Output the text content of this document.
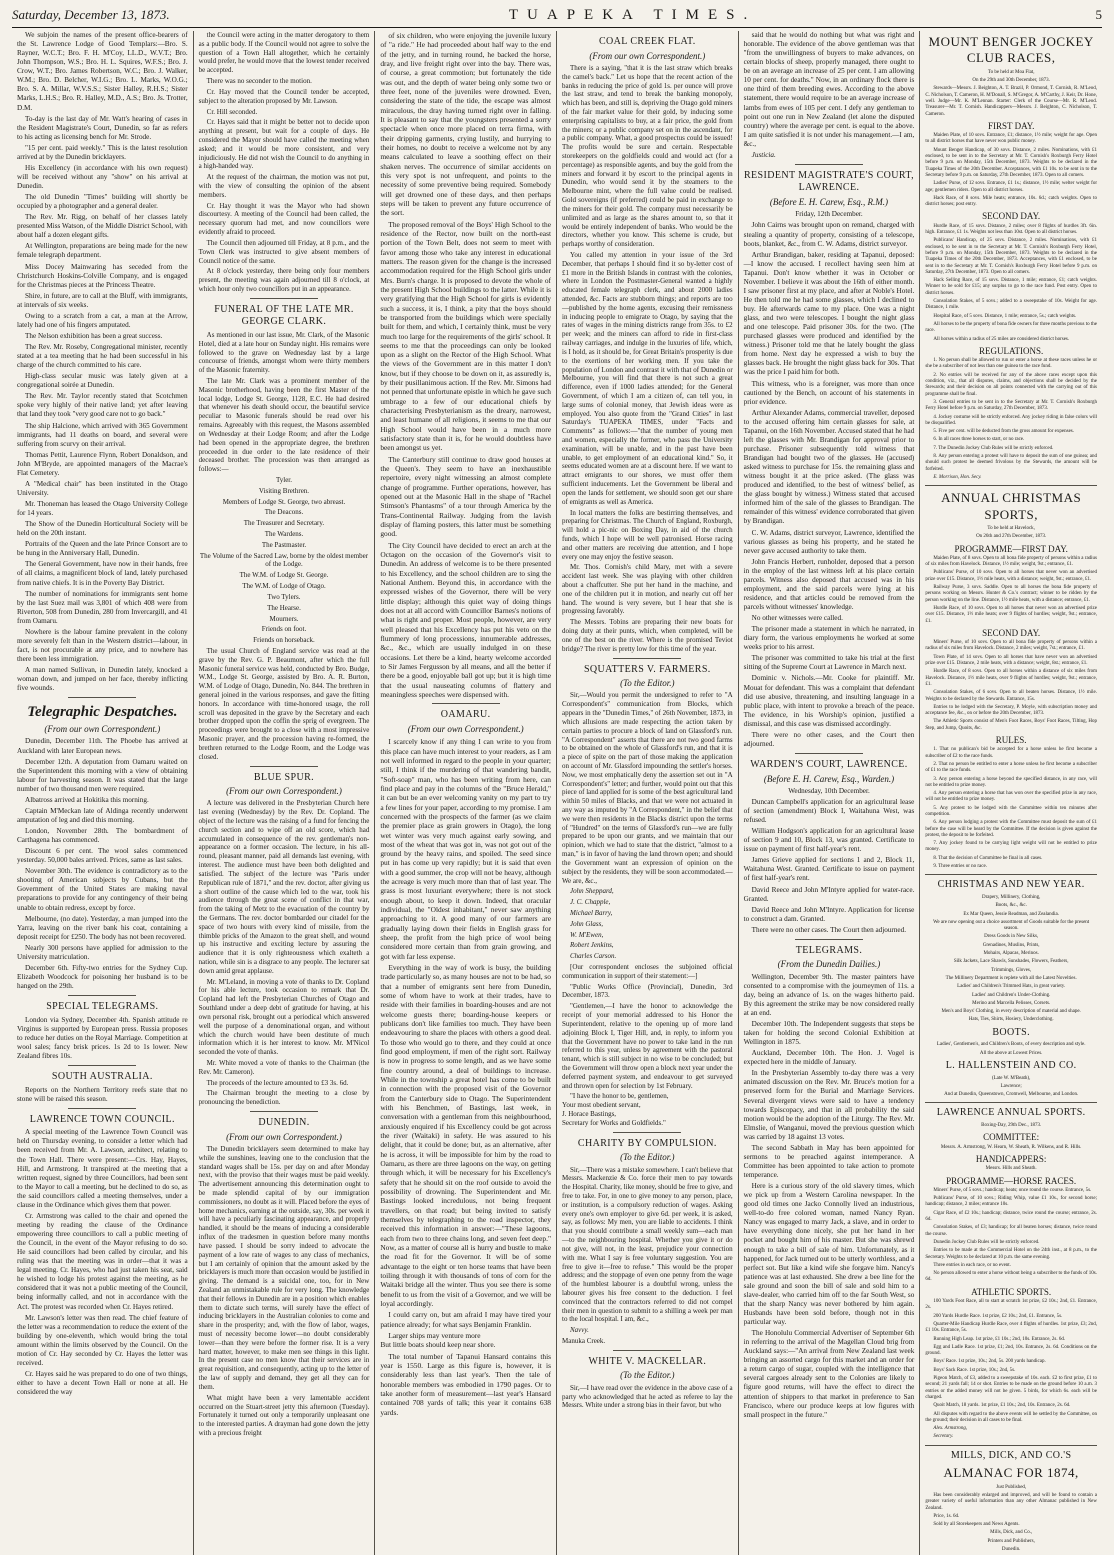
Saturday, December 13, 1873.	TUAPEKA TIMES.	5

We subjoin the names of the present office-bearers of the St. Lawrence Lodge of Good Templars:—Bro. S. Rayner, W.C.T.; Bro. F. H. M'Coy, LL.D., W.V.T.; Bro. John Thompson, W.S.; Bro. H. L. Squires, W.F.S.; Bro. J. Crow, W.T.; Bro. James Robertson, W.C.; Bro. J. Walker, W.M.; Bro. D. Belcher, W.I.G.; Bro. L. Marks, W.O.G.; Bro. S. A. Millar, W.V.S.S.; Sister Halley, R.H.S.; Sister Marks, L.H.S.; Bro. R. Halley, M.D., A.S.; Bro. Js. Trotter, D.M.

To-day is the last day of Mr. Watt's hearing of cases in the Resident Magistrate's Court, Dunedin, so far as refers to his acting as licensing bench for Mr. Strode.

"15 per cent. paid weekly." This is the latest resolution arrived at by the Dunedin bricklayers.

His Excellency (in accordance with his own request) will be received without any "show" on his arrival at Dunedin.

The old Dunedin "Times" building will shortly be occupied by a photographer and a general dealer.

The Rev. Mr. Rigg, on behalf of her classes lately presented Miss Watson, of the Middle District School, with about half a dozen elegant gifts.

At Wellington, preparations are being made for the new female telegraph department.

Miss Docey Mainwaring has seceded from the Christchurch Hoskins-Colville Company, and is engaged for the Christmas pieces at the Princess Theatre.

Shire, in future, are to call at the Bluff, with immigrants, at intervals of six weeks.

Owing to a scratch from a cat, a man at the Arrow, lately had one of his fingers amputated.

The Nelson exhibition has been a great success.

The Rev. Mr. Roseby, Congregational minister, recently stated at a tea meeting that he had been successful in his charge of the church committed to his care.

High-class secular music was lately given at a congregational soirée at Dunedin.

The Rev. Mr. Taylor recently stated that Scotchmen spoke very highly of their native land; yet after leaving that land they took "very good care not to go back."

The ship Halcione, which arrived with 365 Government immigrants, had 11 deaths on board, and several were suffering from scurvy on their arrival.

Thomas Pettit, Laurence Flynn, Robert Donaldson, and John M'Bryde, are appointed managers of the Macrae's Flat Cemetery.

A "Medical chair" has been instituted in the Otago University.

Mr. Thoneman has leased the Otago University College for 14 years.

The Show of the Dunedin Horticultural Society will be held on the 20th instant.

Portraits of the Queen and the late Prince Consort are to be hung in the Anniversary Hall, Dunedin.

The General Government, have now in their hands, free of all claims, a magnificent block of land, lately purchased from native chiefs. It is in the Poverty Bay District.

The number of nominations for immigrants sent home by the last Suez mail was 3,801 of which 408 were from Riverton, 508 from Dunedin, 280 from Invercargill, and 41 from Oamaru.

Nowhere is the labour famine prevalent in the colony more severely felt than in the Western district—labour, in fact, is not procurable at any price, and to nowhere has there been less immigration.

A man named Sullivan, in Dunedin lately, knocked a woman down, and jumped on her face, thereby inflicting five wounds.

Telegraphic Despatches.
(From our own Correspondent.)

Dunedin, December 11th. The Phoebe has arrived at Auckland with later European news.

December 12th. A deputation from Oamaru waited on the Superintendent this morning with a view of obtaining labour for harvesting season. It was stated that the large number of two thousand men were required.

Albatross arrived at Hokitika this morning.

Captain M'Meckan late of Aldinga recently underwent amputation of leg and died this morning.

London, November 28th. The bombardment of Carthagena has commenced.

Discount 6 per cent. The wool sales commenced yesterday. 50,000 bales arrived. Prices, same as last sales.

November 30th. The evidence is contradictory as to the shooting of American subjects by Cubans, but the Government of the United States are making naval preparations to provide for any contingency of their being unable to obtain redress, except by force.

Melbourne, (no date). Yesterday, a man jumped into the Yarra, leaving on the river bank his coat, containing a deposit receipt for £250. The body has not been recovered.

Nearly 300 persons have applied for admission to the University matriculation.

December 6th. Fifty-two entries for the Sydney Cup. Elizabeth Woodcock for poisoning her husband is to be hanged on the 29th.

SPECIAL TELEGRAMS.

London via Sydney, December 4th. Spanish attitude re Virginus is supported by European press. Russia proposes to reduce her duties on the Royal Marriage. Competition at wool sales; fancy brisk prices. 1s 2d to 1s lower. New Zealand fibres 10s.

SOUTH AUSTRALIA.

Reports on the Northern Territory reefs state that no stone will be raised this season.

LAWRENCE TOWN COUNCIL.

A special meeting of the Lawrence Town Council was held on Thursday evening, to consider a letter which had been received from Mr. A. Lawson, architect, relating to the Town Hall. There were present:—Crs. Hay, Hayes, Hill, and Armstrong. It transpired at the meeting that a written request, signed by three Councillors, had been sent to the Mayor to call a meeting, but he declined to do so, as the said councillors called a meeting themselves, under a clause in the Ordinance which gives them that power.

Cr. Armstrong was called to the chair and opened the meeting by reading the clause of the Ordinance empowering three councillors to call a public meeting of the Council, in the event of the Mayor refusing to do so. He said councillors had been called by circular, and his ruling was that the meeting was in order—that it was a legal meeting. Cr. Hayes, who had just taken his seat, said he wished to lodge his protest against the meeting, as he considered that it was not a public meeting of the Council, being informally called, and not in accordance with the Act. The protest was recorded when Cr. Hayes retired.

Mr. Lawson's letter was then read. The chief feature of the letter was a recommendation to reduce the extent of the building by one-eleventh, which would bring the total amount within the limits observed by the Council. On the motion of Cr. Hay seconded by Cr. Hayes the letter was received.

Cr. Hayes said he was prepared to do one of two things, either to have a decent Town Hall or none at all. He considered the way

the Council were acting in the matter derogatory to them as a public body. If the Council would not agree to solve the question of a Town Hall altogether, which he certainly would prefer, he would move that the lowest tender received be accepted.

There was no seconder to the motion.

Cr. Hay moved that the Council tender be accepted, subject to the alteration proposed by Mr. Lawson.

Cr. Hill seconded.

Cr. Hayes said that it might be better not to decide upon anything at present, but wait for a couple of days. He considered the Mayor should have called the meeting when asked; and it would be more consistent, and very injudiciously. He did not wish the Council to do anything in a high-handed way.

At the request of the chairman, the motion was not put, with the view of consulting the opinion of the absent members.

Cr. Hay thought it was the Mayor who had shown discourtesy. A meeting of the Council had been called, the necessary quorum had met, and now councillors were evidently afraid to proceed.

The Council then adjourned till Friday, at 8 p.m., and the Town Clerk was instructed to give absent members of Council notice of the same.

At 8 o'clock yesterday, there being only four members present, the meeting was again adjourned till 8 o'clock, at which hour only two councillors put in an appearance.

FUNERAL OF THE LATE MR. GEORGE CLARK.

As mentioned in our last issue, Mr. Clark, of the Masonic Hotel, died at a late hour on Sunday night. His remains were followed to the grave on Wednesday last by a large concourse of friends, amongst whom were thirty members of the Masonic fraternity.

The late Mr. Clark was a prominent member of the Masonic brotherhood, having been the first Master of the local lodge, Lodge St. George, 1128, E.C. He had desired that whenever his death should occur, the beautiful service peculiar to Masonic funerals should be read over his remains. Agreeably with this request, the Masons assembled on Wednesday at their Lodge Room; and after the Lodge had been opened in the appropriate degree, the brethren proceeded in due order to the late residence of their deceased brother. The procession was then arranged as follows:—

Tyler.

Visiting Brethren.

Members of Lodge St. George, two abreast.

The Deacons.

The Treasurer and Secretary.

The Wardens.

The Pastmaster.

The Volume of the Sacred Law, borne by the oldest member of the Lodge.

The W.M. of Lodge St. George.

The W.M. of Lodge of Otago.

Two Tylers.

The Hearse.

Mourners.

Friends on foot.

Friends on horseback.

The usual Church of England service was read at the grave by the Rev. G. P. Beaumont, after which the full Masonic funeral service was held, conducted by Bro. Budge, W.M., Lodge St. George, assisted by Bro. A. R. Burton, W.M. of Lodge of Otago, Dunedin, No. 844. The brethren in general joined in the various responses, and gave the fitting honors. In accordance with time-honored usage, the roll scroll was deposited in the grave by the Secretary and each brother dropped upon the coffin the sprig of evergreen. The proceedings were brought to a close with a most impressive Masonic prayer, and the procession having re-formed, the brethren returned to the Lodge Room, and the Lodge was closed.

BLUE SPUR.
(From our own Correspondent.)

A lecture was delivered in the Presbyterian Church here last evening (Wednesday) by the Rev. Dr. Copland. The object of the lecture was the raising of a fund for fencing the church section and to wipe off an old score, which had accumulated in consequence of the rev. gentleman's non-appearance on a former occasion. The lecture, in his all-round, pleasant manner, paid all demands last evening, with interest. The audience must have been both delighted and satisfied. The subject of the lecture was "Paris under Republican rule of 1871," and the rev. doctor, after giving us a short outline of the cause which led to the war, took his audience through the great scene of conflict in that war, from the taking of Metz to the evacuation of the country by the Germans. The rev. doctor bombarded our citadel for the space of two hours with every kind of missile, from the thimble pricks of the Amazon to the great shell, and wound up his instructive and exciting lecture by assuring the audience that it is only righteousness which exalteth a nation, while sin is a disgrace to any people. The lecturer sat down amid great applause.

Mr. M'Leland, in moving a vote of thanks to Dr. Copland for his able lecture, took occasion to remark that Dr. Copland had left the Presbyterian Churches of Otago and Southland under a deep debt of gratitude for having, at his own personal risk, brought out a periodical which answered well the purpose of a denominational organ, and without which the church would have been destitute of much information which it is her interest to know. Mr. M'Nicol seconded the vote of thanks.

Mr. White moved a vote of thanks to the Chairman (the Rev. Mr. Cameron).

The proceeds of the lecture amounted to £3 3s. 6d.

The Chairman brought the meeting to a close by pronouncing the benediction.

DUNEDIN.
(From our own Correspondent.)

The Dunedin bricklayers seem determined to make hay while the sunshines, leaving one to the conclusion that the standard wages shall be 15s. per day on and after Monday next, with the proviso that their wages must be paid weekly. The advertisement announcing this determination ought to be made splendid capital of by our immigration commissioners, no doubt as it will. Placed before the eyes of home mechanics, earning at the outside, say, 30s. per week it will have a peculiarly fascinating appearance, and properly handled, it should be the means of inducing a considerable influx of the tradesmen in question before many months have passed. I should be sorry indeed to advocate the payment of a low rate of wages to any class of mechanics, but I am certainly of opinion that the amount asked by the bricklayers is much more than occasion would be justified in giving. The demand is a suicidal one, too, for in New Zealand an unmistakable rule for very long. The knowledge that their fellows in Dunedin are in a position which enables them to dictate such terms, will surely have the effect of inducing bricklayers in the Australian colonies to come and share in the prosperity; and, with the flow of labor, wages, must of necessity become lower—no doubt considerably lower—than they were before the former rise. It is a very hard matter, however, to make men see things in this light. In the present case no men know that their services are in great requisition, and consequently, acting up to the letter of the law of supply and demand, they get all they can for them.

What might have been a very lamentable accident occurred on the Stuart-street jetty this afternoon (Tuesday). Fortunately it turned out only a temporarily unpleasant one to the interested parties. A drayman had gone down the jetty with a precious freight

of six children, who were enjoying the juvenile luxury of "a ride." He had proceeded about half way to the end of the jetty, and in turning round, he backed the horse, dray, and live freight right over into the bay. There was, of course, a great commotion; but fortunately the tide was out, and the depth of water being only some two or three feet, none of the juveniles were drowned. Even, considering the state of the tide, the escape was almost miraculous, the dray having turned right over in falling. It is pleasant to say that the youngsters presented a sorry spectacle when once more placed on terra firma, with their dripping garments, crying lustily, and hurrying to their homes, no doubt to receive a welcome not by any means calculated to leave a soothing effect on their shaken nerves. The occurrence of similar accidents on this very spot is not unfrequent, and points to the necessity of some preventive being required. Somebody will get drowned one of these days, and then perhaps steps will be taken to prevent any future occurrence of the sort.

The proposed removal of the Boys' High School to the residence of the Rector, now built on the north-east portion of the Town Belt, does not seem to meet with favor among those who take any interest in educational matters. The reason given for the change is the increased accommodation required for the High School girls under Mrs. Burn's charge. It is proposed to devote the whole of the present High School buildings to the latter. While it is very gratifying that the High School for girls is evidently such a success, it is, I think, a pity that the boys should be transported from the buildings which were specially built for them, and which, I certainly think, must be very much too large for the requirements of the girls' school. It seems to me that the proceedings can only be looked upon as a slight on the Rector of the High School. What the views of the Government are in this matter I don't know, but if they choose to be down on it, as assuredly is, by their pusillanimous action. If the Rev. Mr. Simons had not penned that unfortunate epistle in which he gave such umbrage to a few of our educational chiefs by characterising Presbyterianism as the dreary, narrowest, and least humane of all religions, it seems to me that our High School would have been in a much more satisfactory state than it is, for he would doubtless have been amongst us yet.

The Canterbury still continue to draw good houses at the Queen's. They seem to have an inexhaustible repertoire, every night witnessing an almost complete change of programme. Further operations, however, has opened out at the Masonic Hall in the shape of "Rachel Stimson's Phantasms" of a tour through America by the Trans-Continental Railway. Judging from the lavish display of flaming posters, this latter must be something good.

The City Council have decided to erect an arch at the Octagon on the occasion of the Governor's visit to Dunedin. An address of welcome is to be there presented to his Excellency, and the school children are to sing the National Anthem. Beyond this, in accordance with the expressed wishes of the Governor, there will be very little display; although this quiet way of doing things does not at all accord with Councillor Barnes's notions of what is right and proper. Most people, however, are very well pleased that his Excellency has put his veto on the flummery of long processions, innumerable addresses, &c., &c., which are usually indulged in on these occasions. Let there be a kind, hearty welcome accorded to Sir James Fergusson by all means, and all the better if there be a good, enjoyable ball got up; but it is high time that the usual nauseating columns of flattery and meaningless speeches were dispensed with.

OAMARU.
(From our own Correspondent.)

I scarcely know if any thing I can write to you from this place can have much interest to your readers, as I am not well informed in regard to the people in your quarter; still, I think if the murdering of that wandering bandit, "Soft-soap" man, who has been writing from here, can find place and pay in the columns of the "Bruce Herald," it can but be an ever welcoming vanity on my part to try a few lines for your paper, according to my promise. I am concerned with the prospects of the farmer (as we claim the premier place as grain growers in Otago), the long wet winter was very much against early sowing, and most of the wheat that was got in, was not got out of the ground by the heavy rains, and spoiled. The seed since put in has come up very rapidly; but it is said that even with a good summer, the crop will not be heavy, although the acreage is very much more than that of last year. The grass is most luxuriant everywhere; there is not stock enough about, to keep it down. Indeed, that oracular individual, the "Oldest inhabitant," never saw anything approaching to it. A good many of our farmers are gradually laying down their fields in English grass for sheep, the profit from the high price of wool being considered more certain than from grain growing, and got with far less expense.

Everything in the way of work is busy, the building trade particularly so, as many houses are not to be had, so that a number of emigrants sent here from Dunedin, some of whom have to work at their trades, have to reside with their families in boarding-houses and are not welcome guests there; boarding-house keepers or publicans don't like families too much. They have been endeavouring to share the places with others a good deal. To those who would go to there, and they could at once find good employment, if men of the right sort. Railway is now in progress to some length, and as we have some fine country around, a deal of buildings to increase. While in the township a great hotel has come to be built in connection with the proposed visit of the Governor from the Canterbury side to Otago. The Superintendent with his Benchmen, of Bastings, last week, in conversation with a gentleman from this neighbourhood, anxiously enquired if his Excellency could be got across the river (Waitaki) in safety. He was assured to his delight, that it could be done; but, as an alternative, after he is across, it will be impossible for him by the road to Oamaru, as there are three lagoons on the way, on getting through which, it will be necessary for his Excellency's safety that he should sit on the roof outside to avoid the possibility of drowning. The Superintendent and Mr. Bastings looked incredulous, not being frequent travellers, on that road; but being invited to satisfy themselves by telegraphing to the road inspector, they received this information in answer:—"These lagoons, each from two to three chains long, and seven feet deep." Now, as a matter of course all is hurry and bustle to make the road fit for the Governor. It will be of some advantage to the eight or ten horse teams that have been toiling through it with thousands of tons of corn for the Waitaki bridge all the winter. Thus you see there is some benefit to us from the visit of a Governor, and we will be loyal accordingly.

I could carry on, but am afraid I may have tired your patience already; for what says Benjamin Franklin.

Larger ships may venture more
But little boats should keep near shore.

The total number of Tapanui Hansard contains this year is 1550. Large as this figure is, however, it is considerably less than last year's. Then the tale of honorable members was embodied in 1790 pages. Or to take another form of measurement—last year's Hansard contained 708 yards of talk; this year it contains 638 yards.

COAL CREEK FLAT.
(From our own Correspondent.)

There is a saying, "that it is the last straw which breaks the camel's back." Let us hope that the recent action of the banks in reducing the price of gold 1s. per ounce will prove the last straw, and tend to break the banking monopoly, which has been, and still is, depriving the Otago gold miners of the fair market value for their gold, by inducing some enterprising capitalists to buy, at a fair price, the gold from the miners; or a public company set on in the ascendant, for a public company. What, a good prospectus could be issued! The profits would be sure and certain. Respectable storekeepers on the goldfields could and would act (for a percentage) as responsible agents, and buy the gold from the miners and forward it by escort to the principal agents in Dunedin, who would send it by the steamers to the Melbourne mint, where the full value could be realised. Gold sovereigns (if preferred) could be paid in exchange to the miners for their gold. The company must necessarily be unlimited and as large as the shares amount to, so that it would be entirely independent of banks. Who would be the directors, whether you know. This scheme is crude, but perhaps worthy of consideration.

You called my attention in your issue of the 3rd December, that perhaps I should find it so by-letter cost of £1 more in the British Islands in contrast with the colonies, where in London the Postmaster-General wanted a highly educated female telegraph clerk, and about 2000 ladies attended, &c. Facts are stubborn things; and reports are too—published by the home agents, excusing their remissness in inducing people to emigrate to Otago, by saying that the rates of wages in the mining districts range from 35s. to £2 per week; and the miners can afford to ride in first-class railway carriages, and indulge in the luxuries of life, which, is I hold, as it should be, for Great Britain's prosperity is due to the exertions of her working men. If you take the population of London and contrast it with that of Dunedin or Melbourne, you will find that there is not such a great difference, even if 1000 ladies attended; for the General Government, of which I am a citizen of, can tell you, in large sums of colonial money, that Jewish ideas were as employed. You also quote from the "Grand Cities" in last Saturday's TUAPEKA TIMES, under "Facts and Comments" as follows:—"that the number of young men and women, especially the former, who pass the University examination, will be unable, and in the past have been unable, to get employment of an educational kind." So, it seems educated women are at a discount here. If we want to attract emigrants to our shores, we must offer them sufficient inducements. Let the Government be liberal and open the lands for settlement, we should soon get our share of emigrants as well as America.

In local matters the folks are bestirring themselves, and preparing for Christmas. The Church of England, Roxburgh, will hold a pic-nic on Boxing Day, in aid of the church funds, which I hope will be well patronised. Horse racing and other matters are receiving due attention, and I hope every one may enjoy the festive season.

Mr. Thos. Cornish's child Mary, met with a severe accident last week. She was playing with other children about a chaffcutter. She put her hand in the machine, and one of the children put it in motion, and nearly cut off her hand. The wound is very severe, but I hear that she is progressing favorably.

The Messrs. Tobins are preparing their new boats for doing duty at their punts, which, when completed, will be one of the best on the river. Where is the promised Teviot bridge? The river is pretty low for this time of the year.

SQUATTERS V. FARMERS.
(To the Editor.)

Sir,—Would you permit the undersigned to refer to "A Correspondent's" communication from Blocks, which appears in the "Dunedin Times," of 26th November, 1873, in which allusions are made respecting the action taken by certain parties to procure a block of land on Glassford's run. "A Correspondent" asserts that there are not two good farms to be obtained on the whole of Glassford's run, and that it is a piece of spite on the part of those making the application on account of Mr. Glassford impounding the settler's horses. Now, we most emphatically deny the assertion set out in "A Correspondent's" letter; and further, would point out that this piece of land applied for is some of the best agricultural land within 50 miles of Blacks, and that we were not actuated in any way as imputed by "A Correspondent," in the belief that we were then residents in the Blacks district upon the terms of "Hundred" on the terms of Glassford's run—we are fully prepared to be upon our grants, and we maintain that our opinion, which we had to state that the district, "almost to a man," is in favor of having the land thrown open; and should the Government want an expression of opinion on the subject by the residents, they will be soon accommodated.—We are, &c.,

John Sheppard,

J. C. Chapple,

Michael Barry,

John Glass,

W. M'Ewen,

Robert Jenkins,

Charles Carson.

[Our correspondent encloses the subjoined official communication in support of their statement:—]

"Public Works Office (Provincial), Dunedin, 3rd December, 1873.

"Gentlemen,—I have the honor to acknowledge the receipt of your memorial addressed to his Honor the Superintendent, relative to the opening up of more land adjoining Block I, Tiger Hill, and, in reply, to inform you that the Government have no power to take land in the run referred to this year, unless by agreement with the pastoral tenant, which is still subject in no wise to be concluded; but the Government will throw open a block next year under the deferred payment system, and endeavour to get surveyed and thrown open for selection by 1st February.

"I have the honor to be, gentlemen,
Your most obedient servant,
J. Horace Bastings,
Secretary for Works and Goldfields."

CHARITY BY COMPULSION.
(To the Editor.)

Sir,—There was a mistake somewhere. I can't believe that Messrs. Mackenzie & Co. force their men to pay towards the Hospital. Charity, like money, should be free to give, and free to take. For, in one to give money to any person, place, or institution, is a compulsory reduction of wages. Asking every one's own employer to give 6d. per week, it is asked, say, as follows: My men, you are liable to accidents. I think that you should contribute a small weekly sum—each man—to the neighbouring hospital. Whether you give it or do not give, will not, in the least, prejudice your connection with me. What I say is free voluntary suggestion. You are free to give it—free to refuse." This would be the proper address; and the stoppage of even one penny from the wage of the humblest labourer is a doubtful wrong, unless the labourer gives his free consent to the deduction. I feel convinced that the contractors referred to did not compel their men in question to submit to a shilling a week per man to the local hospital. I am, &c.,

Navvy.

Manuka Creek.

WHITE V. MACKELLAR.
(To the Editor.)

Sir,—I have read over the evidence in the above case of a party who acknowledged that he acted as referee to lay the Messrs. White under a strong bias in their favor, but who

said that he would do nothing but what was right and honorable. The evidence of the above gentleman was that "from the unwillingness of buyers to make advances, on certain blocks of sheep, properly managed, there ought to be on an average an increase of 25 per cent. I am allowing 10 per cent. for deaths." Now, in an ordinary flock there is one third of them breeding ewes. According to the above statement, there would require to be an average increase of lambs from ewes of 105 per cent. I defy any gentleman to point out one run in New Zealand (let alone the disputed country) where the average per cent. is equal to the above. I am quite satisfied it is not under his management.—I am, &c.,

Justicia.

RESIDENT MAGISTRATE'S COURT, LAWRENCE.
(Before E. H. Carew, Esq., R.M.)

Friday, 12th December.

John Cairns was brought upon on remand, charged with stealing a quantity of property, consisting of a telescope, boots, blanket, &c., from C. W. Adams, district surveyor.

Arthur Brandigan, baker, residing at Tapanui, deposed:—I know the accused. I recollect having seen him at Tapanui. Don't know whether it was in October or November. I believe it was about the 16th of either month. I saw prisoner first at my place, and after at Noble's Hotel. He then told me he had some glasses, which I declined to buy. He afterwards came to my place. One was a night glass, and two were telescopes. I bought the night glass and one telescope. Paid prisoner 30s. for the two. (The purchased glasses were produced and identified by the witness.) Prisoner told me that he lately bought the glass from home. Next day he expressed a wish to buy the glasses back. He brought the night glass back for 30s. That was the price I paid him for both.

This witness, who is a foreigner, was more than once cautioned by the Bench, on account of his statements in prior evidence.

Arthur Alexander Adams, commercial traveller, deposed to the accused offering him certain glasses for sale, at Tapanui, on the 16th November. Accused stated that he had left the glasses with Mr. Brandigan for approval prior to purchase. Prisoner subsequently told witness that Brandigan had bought two of the glasses. He (accused) asked witness to purchase for 15s. the remaining glass and witness bought it at the price asked. (The glass was produced and identified, to the best of witness' belief, as the glass bought by witness.) Witness stated that accused informed him of the sale of the glasses to Brandigan. The remainder of this witness' evidence corroborated that given by Brandigan.

C. W. Adams, district surveyor, Lawrence, identified the various glasses as being his property, and he stated he never gave accused authority to take them.

John Francis Herbert, runholder, deposed that a person in the employ of the last witness left at his place certain parcels. Witness also deposed that accused was in his employment, and the said parcels were lying at his residence, and that articles could be removed from the parcels without witnesses' knowledge.

No other witnesses were called.

The prisoner made a statement in which he narrated, in diary form, the various employments he worked at some weeks prior to his arrest.

The prisoner was committed to take his trial at the first sitting of the Supreme Court at Lawrence in March next.

Dominic v. Nichols.—Mr. Cooke for plaintiff. Mr. Mouat for defendant. This was a complaint that defendant did use abusive, threatening, and insulting language in a public place, with intent to provoke a breach of the peace. The evidence, in his Worship's opinion, justified a dismissal, and this case was dismissed accordingly.

There were no other cases, and the Court then adjourned.

WARDEN'S COURT, LAWRENCE.
(Before E. H. Carew, Esq., Warden.)

Wednesday, 10th December.

Duncan Campbell's application for an agricultural lease of section (amendment) Block I, Waitahuna West, was refused.

William Hodgson's application for an agricultural lease of section 9 and 10, Block 13, was granted. Certificate to issue on payment of first half-year's rent.

James Grieve applied for sections 1 and 2, Block 11, Waitahuna West. Granted. Certificate to issue on payment of first half-year's rent.

David Reece and John M'Intyre applied for water-race. Granted.

David Reece and John M'Intyre. Application for license to construct a dam. Granted.

There were no other cases. The Court then adjourned.

TELEGRAMS.
(From the Dunedin Dailies.)

Wellington, December 9th. The master painters have consented to a compromise with the journeymen of 11s. a day, being an advance of 1s. on the wages hitherto paid. By this agreement the strike may be now considered really at an end.

December 10th. The Independent suggests that steps be taken for holding the second Colonial Exhibition at Wellington in 1875.

Auckland, December 10th. The Hon. J. Vogel is expected here in the middle of January.

In the Presbyterian Assembly to-day there was a very animated discussion on the Rev. Mr. Bruce's motion for a preserved form for the Burial and Marriage Services. Several divergent views were said to have a tendency towards Episcopacy, and that in all probability the said motion would be the adoption of the Liturgy. The Rev. Mr. Elmslie, of Wanganui, moved the previous question which was carried by 18 against 13 votes.

The second Sabbath in May has been appointed for sermons to be preached against intemperance. A Committee has been appointed to take action to promote temperance.

Here is a curious story of the old slavery times, which we pick up from a Western Carolina newspaper. In the good old times one Jacko Connolly lived an industrious, well-to-do free colored woman, named Nancy Ryan. Nancy was engaged to marry Jack, a slave, and in order to have everything done nicely, she put her hand in her pocket and bought him of his master. But she was shrewd enough to take a bill of sale of him. Unfortunately, as it happened, for Jack turned out to be utterly worthless, and a perfect sot. But like a kind wife she forgave him. Nancy's patience was at last exhausted. She drew a bee line for the sale ground and soon the bill of sale and sold him to a slave-dealer, who carried him off to the far South West, so that the sharp Nancy was never bothered by him again. Husbands have been sold before, though not in this particular way.

The Honolulu Commercial Advertiser of September 6th in referring to the arrival of the Magellan Cloud brig from Auckland says:—"An arrival from New Zealand last week bringing an assorted cargo for this market and an order for a return cargo of sugar, coupled with the intelligence that several cargoes already sent to the Colonies are likely to figure good returns, will have the effect to direct the attention of shippers to that market in preference to San Francisco, where our produce keeps at low figures with small prospect in the future."

MOUNT BENGER JOCKEY CLUB RACES,

To be held at Moa Flat,

On the 29th and 30th December, 1873.

Stewards—Messrs. J. Beighton, A. T. Brazil, P. Ormond, T. Cornish, R. M'Leod, C. Nicholson, T. Cameron, H. M'Donall, S. M'Gregor, A. M'Carthy, J. Keir, Dr. Hone, well. Judge—Mr. K. M'Lennan. Starter: Clerk of the Course—Mr. R. M'Leod. Treasurer—Mr. T. Cornish. Handicappers—Messrs. J. Beighton, C. Nicholson, T. Cameron.

FIRST DAY.

Maiden Plate, of 10 sovs. Entrance, £1; distance, 1½ mile; weight for age. Open to all district horses that have never won public money.

Mount Benger Handicap, of 30 sovs. Distance, 2 miles. Nominations, with £1 enclosed, to be sent in to the Secretary at Mr. T. Cornish's Roxburgh Ferry Hotel before 9 p.m. on Monday, 15th December, 1873. Weights to be declared in the Tuapeka Times of the 20th December. Acceptances, with £1 10s. to be sent in to the Secretary before 9 p.m. on Saturday, 27th December, 1873. Open to all comers.

Ladies' Purse, of 12 sovs. Entrance, £1 1s.; distance, 1½ mile; welter weight for age; gentlemen riders. Open to all district horses.

Hack Race, of 8 sovs. Mile heats; entrance, 10s. 6d.; catch weights. Open to district horses; post entry.

SECOND DAY.

Hurdle Race, of 15 sovs. Distance, 2 miles; over 8 flights of hurdles 3ft. 6in. high. Entrance, £1 1s. Weights not less than 10st. Open to all district horses.

Publicans' Handicap, of 25 sovs. Distance, 2 miles. Nominations, with £1 enclosed, to be sent in to the Secretary at Mr. T. Cornish's Roxburgh Ferry Hotel, before 9 p.m. on Monday, 15th December, 1873. Weights to be declared in the Tuapeka Times of the 20th December, 1873. Acceptances, with £1 enclosed, to be sent in to the Secretary at Mr. T. Cornish's Roxburgh Ferry Hotel before 9 p.m. on Saturday, 27th December, 1873. Open to all comers.

Hack Selling Race, of 15 sovs. Distance, 1 mile; entrance, £1; catch weights. Winner to be sold for £15; any surplus to go to the race fund. Post entry. Open to district horses.

Consolation Stakes, of 5 sovs.; added to a sweepstake of 10s. Weight for age. Distance, 1 mile.

Hospital Race, of 5 sovs. Distance, 1 mile; entrance, 5s.; catch weights.

All horses to be the property of bona fide owners for three months previous to the race.

All horses within a radius of 25 miles are considered district horses.

REGULATIONS.

1. No person shall be allowed to run or enter a horse at these races unless he or she be a subscriber of not less than one guinea to the race fund.

2. No entries will be received for any of the above races except upon this condition, viz., that all disputes, claims, and objections shall be decided by the Stewards; and their decision on all points connected with the carrying out of this programme shall be final.

3. General entries to be sent in to the Secretary at Mr. T. Cornish's Roxburgh Ferry Hotel before 9 p.m. on Saturday, 27th December, 1873.

4. Jockey costume will be strictly enforced. Any jockey riding in false colors will be disqualified.

5. Five per cent. will be deducted from the gross amount for expenses.

6. In all races three horses to start, or no race.

7. The Dunedin Jockey Club Rules will be strictly enforced.

8. Any person entering a protest will have to deposit the sum of one guinea; and should such protest be deemed frivolous by the Stewards, the amount will be forfeited.

E. Morrison, Hon. Secy.

ANNUAL CHRISTMAS SPORTS,

To be held at Havelock,

On 26th and 27th December, 1873.

PROGRAMME—FIRST DAY.

Maiden Plate, of 8 sovs. Open to all bona fide property of persons within a radius of six miles from Havelock. Distance, 1½ mile; weight, 9st.; entrance, £1.

Publicans' Purse, of 10 sovs. Open to all horses that never won an advertised prize over £15. Distance, 1½ mile heats, with a distance; weight, 9st.; entrance, £1.

Railway Purse, 3 sovs. Saddle. Open to all horses the bona fide property of persons working on Messrs. Hunter & Co.'s contract; winner to be ridden by the person working on the line. Distance, 1½ mile heats, with a distance; entrance, £1.

Hurdle Race, of 10 sovs. Open to all horses that never won an advertised prize over £15. Distance, 1½ mile heats; over 9 flights of hurdles; weight, 9st.; entrance, £1.

SECOND DAY.

Miners' Purse, of 10 sovs. Open to all bona fide property of persons within a radius of six miles from Havelock. Distance, 2 miles; weight, 7st.; entrance, £1.

Town Plate, of 14 sovs. Open to all horses that have never won an advertised prize over £15. Distance, 2 mile heats, with a distance; weight, 8st.; entrance, £1.

Hurdle Race, of 8 sovs. Open to all horses within a distance of six miles from Havelock. Distance, 1½ mile heats, over 9 flights of hurdles; weight, 9st.; entrance, £1.

Consolation Stakes, of 6 sovs. Open to all beaten horses. Distance, 1½ mile. Weights to be declared by the Stewards. Entrance, 15s.

Entries to be lodged with the Secretary, P. Moyle, with subscription money and acceptance fee, &c., on or before the 20th December, 1873.

The Athletic Sports consist of Men's Foot Races, Boys' Foot Races, Tilting, Hop Step, and Jump, Quoits, &c.

RULES.

1. That no publican's bid be accepted for a horse unless he first become a subscriber of £2 to the race funds.

2. That no person be entitled to enter a horse unless he first become a subscriber of £1 to the race funds.

3. Any person entering a horse beyond the specified distance, in any race, will not be entitled to prize money.

4. Any person entering a horse that has won over the specified prize in any race, will not be entitled to prize money.

5. Any protest to be lodged with the Committee within ten minutes after competition.

6. Any person lodging a protest with the Committee must deposit the sum of £1 before the case will be heard by the Committee. If the decision is given against the protest, the deposit to be forfeited.

7. Any jockey found to be carrying light weight will not be entitled to prize money.

8. That the decision of Committee be final in all cases.

9. Three entries or no race.

CHRISTMAS AND NEW YEAR.

Drapery, Millinery, Clothing,

Boots, &c., &c.

Ex Mar Queen, Jessie Readman, and Zealandia.

We are now opening out a choice assortment of Goods suitable for the present season.

Dress Goods in New Silks,

Grenadines, Muslins, Prints,

Mohairs, Alpacas, Merinos.

Silk Jackets, Lace Shawls, Sunshades, Flowers, Feathers,

Trimmings, Gloves,

The Millinery Department is replete with all the Latest Novelties.

Ladies' and Children's Trimmed Hats, in great variety.

Ladies' and Children's Under-Clothing.

Merino and Marcella Pelisses, Corsets.

Men's and Boys' Clothing, in every description of material and shape.

Hats, Ties, Shirts, Hosiery, Underclothing.

BOOTS.

Ladies', Gentlemen's, and Children's Boots, of every description and style.

All the above at Lowest Prices.

L. HALLENSTEIN AND CO.

(Late W. M'Beath),

Lawrence;

And at Dunedin, Queenstown, Cromwell, Melbourne, and London.

LAWRENCE ANNUAL SPORTS.

Boxing-Day, 29th Dec., 1873.

COMMITTEE:

Messrs. A. Armstrong, W. Hearn, W. Sheath, R. Wilkens, and R. Hills.

HANDICAPPERS:

Messrs. Hills and Sheath.

PROGRAMME—HORSE RACES.

Miners' Purse, of 5 sovs.; handicap; heats; once round the course. Entrance, 5s.

Publicans' Purse, of 10 sovs.; Riding Whip, value £1 10s., for second horse; handicap; distance, 2 miles; entrance 10s.

Cigar Race, of £2 10s.; handicap; distance, twice round the course; entrance, 2s. 6d.

Consolation Stakes, of £3; handicap; for all beaten horses; distance, twice round the course.

Dunedin Jockey Club Rules will be strictly enforced.

Entries to be made at the Commercial Hotel on the 24th inst., at 8 p.m., to the Secretary. Weights to be declared at 10 p.m. the same evening.

Three entries in each race, or no event.

No person allowed to enter a horse without being a subscriber to the funds of 10s. 6d.

ATHLETIC SPORTS.

100 Yards Foot Race, all to start at scratch 1st prize, £2 10s.; 2nd, £1. Entrance, 2s.

200 Yards Hurdle Race. 1st prize, £2 10s.; 2nd, £1. Entrance, 5s.

Quarter-Mile Handicap Hurdle Race, over 4 flights of hurdles. 1st prize, £3; 2nd, £1 10s. Entrance, 5s.

Running High Leap. 1st prize, £1 10s.; 2nd, 10s. Entrance, 2s. 6d.

Egg and Ladle Race. 1st prize, £1; 2nd, 10s. Entrance, 2s. 6d. Conditions on the ground.

Boys' Race. 1st prize, 10s.; 2nd, 5s. 200 yards handicap.

Boys' Sack Race. 1st prize, 10s.; 2nd, 5s.

Pigeon Match, of £3, added to a sweepstake of 10s. each. £2 to first prize, £1 to second; 21 yards fall; 14 or shot. Entries to be made on the ground before 10 a.m. 3 entries or the added money will not be given. 5 birds, for which 6s. each will be charged.

Quoit Match, 18 yards. 1st prize, £1 10s.; 2nd, 10s. Entrance, 2s. 6d.

All disputes with regard to the above events will be settled by the Committee, on the ground; their decision in all cases to be final.

Alex. Armstrong,

Secretary.

MILLS, DICK, AND CO.'S
ALMANAC FOR 1874,

Just Published,

Has been considerably enlarged and improved, and will be found to contain a greater variety of useful information than any other Almanac published in New Zealand.

Price, 1s. 6d.

Sold by all Storekeepers and News Agents.

Mills, Dick, and Co.,

Printers and Publishers,

Dunedin.
